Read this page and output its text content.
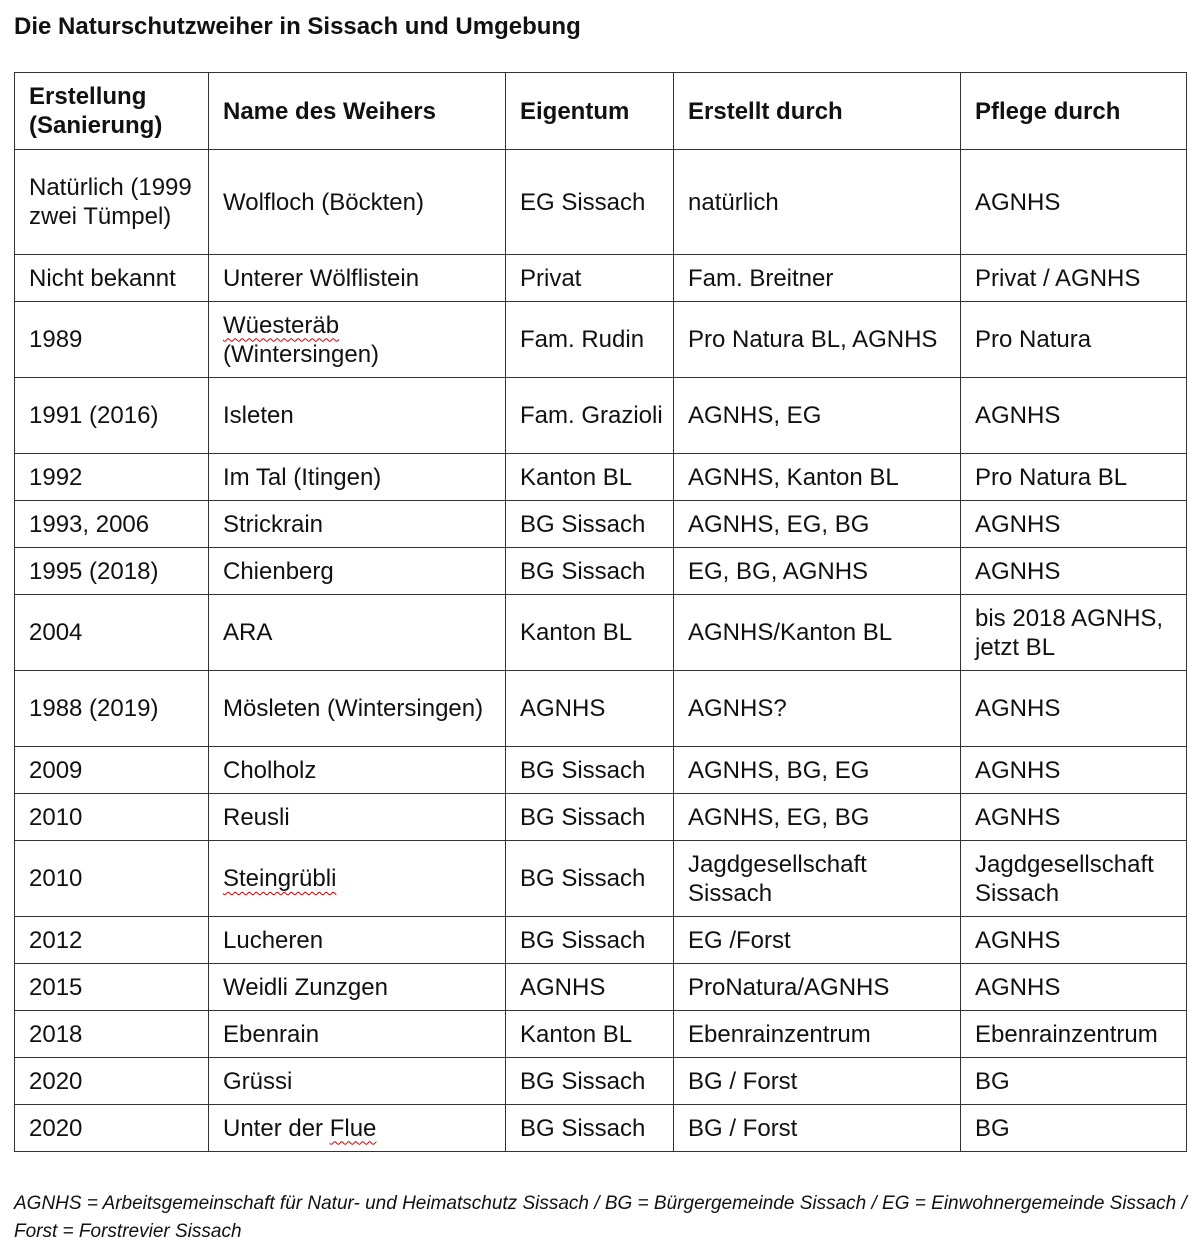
Die Naturschutzweiher in Sissach und Umgebung
Erstellung (Sanierung)	Name des Weihers	Eigentum	Erstellt durch	Pflege durch
Natürlich (1999 zwei Tümpel)	Wolfloch (Böckten)	EG Sissach	natürlich	AGNHS
Nicht bekannt	Unterer Wölflistein	Privat	Fam. Breitner	Privat / AGNHS
1989	Wüesteräb (Wintersingen)	Fam. Rudin	Pro Natura BL, AGNHS	Pro Natura
1991 (2016)	Isleten	Fam. Grazioli	AGNHS, EG	AGNHS
1992	Im Tal (Itingen)	Kanton BL	AGNHS, Kanton BL	Pro Natura BL
1993, 2006	Strickrain	BG Sissach	AGNHS, EG, BG	AGNHS
1995 (2018)	Chienberg	BG Sissach	EG, BG, AGNHS	AGNHS
2004	ARA	Kanton BL	AGNHS/Kanton BL	bis 2018 AGNHS, jetzt BL
1988 (2019)	Mösleten (Wintersingen)	AGNHS	AGNHS?	AGNHS
2009	Cholholz	BG Sissach	AGNHS, BG, EG	AGNHS
2010	Reusli	BG Sissach	AGNHS, EG, BG	AGNHS
2010	Steingrübli	BG Sissach	Jagdgesellschaft Sissach	Jagdgesellschaft Sissach
2012	Lucheren	BG Sissach	EG /Forst	AGNHS
2015	Weidli Zunzgen	AGNHS	ProNatura/AGNHS	AGNHS
2018	Ebenrain	Kanton BL	Ebenrainzentrum	Ebenrainzentrum
2020	Grüssi	BG Sissach	BG / Forst	BG
2020	Unter der Flue	BG Sissach	BG / Forst	BG

AGNHS = Arbeitsgemeinschaft für Natur- und Heimatschutz Sissach / BG = Bürgergemeinde Sissach / EG = Einwohnergemeinde Sissach / Forst = Forstrevier Sissach
